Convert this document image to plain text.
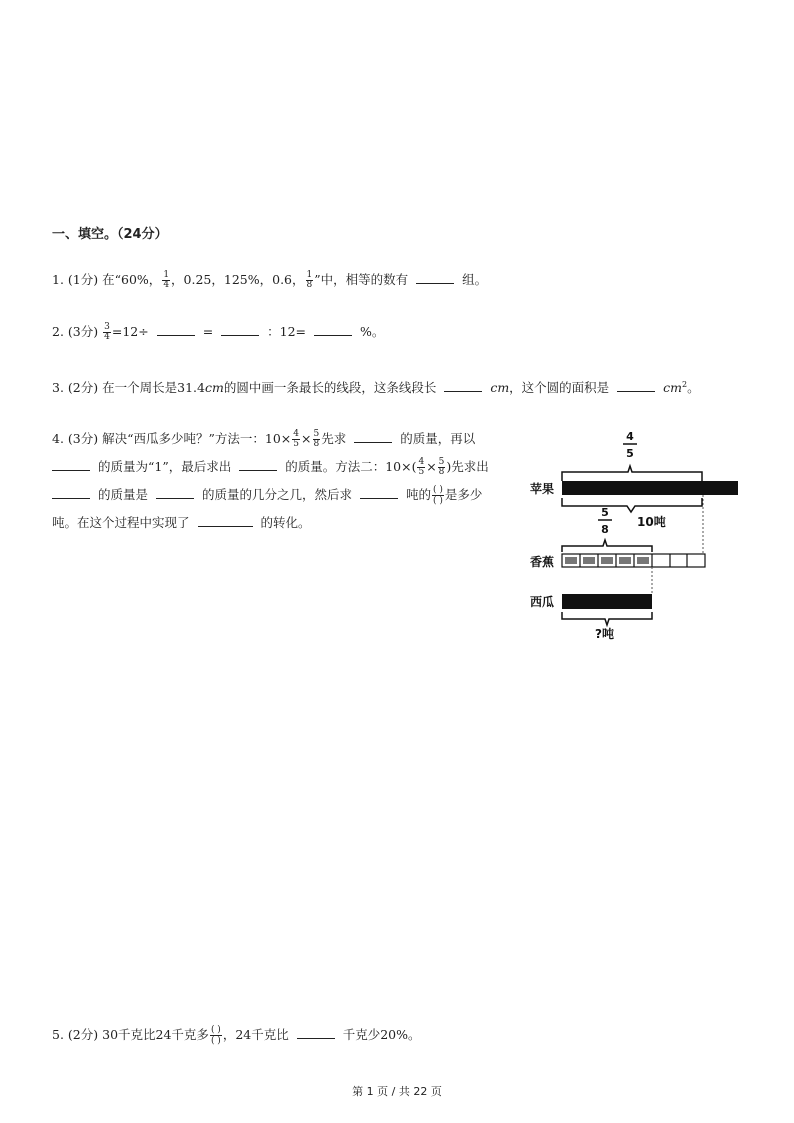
一、填空。（24分）
1. (1分) 在“60%， $\frac{1}{4}$ ，0.25，125%，0.6， $\frac{1}{8}$ ”中，相等的数有	组。
2. (3分) $\frac{3}{4} =12\div$	=	：12=	%。
3. (2分) 在一个周长是31.4cm的圆中画一条最长的线段，这条线段长	cm，这个圆的面积是	$cm^2$。
4. (3分) 解决“西瓜多少吨？”方法一：$10\times \frac{4}{5} \times \frac{5}{8}$ 先求	的质量，再以
的质量为“1”，最后求出	的质量。方法二：$10\times( \frac{4}{5} \times \frac{5}{8}$ )先求出
的质量是	的质量的几分之几，然后求	吨的 $\frac{( )}{( )}$ 是多少
吨。在这个过程中实现了	的转化。
4
5
苹果
10吨
5
8
香蕉
西瓜
?吨
5. (2分) 30千克比24千克多 $\frac{( )}{( )}$ ，24千克比	千克少20%。
第 1 页 / 共 22 页
